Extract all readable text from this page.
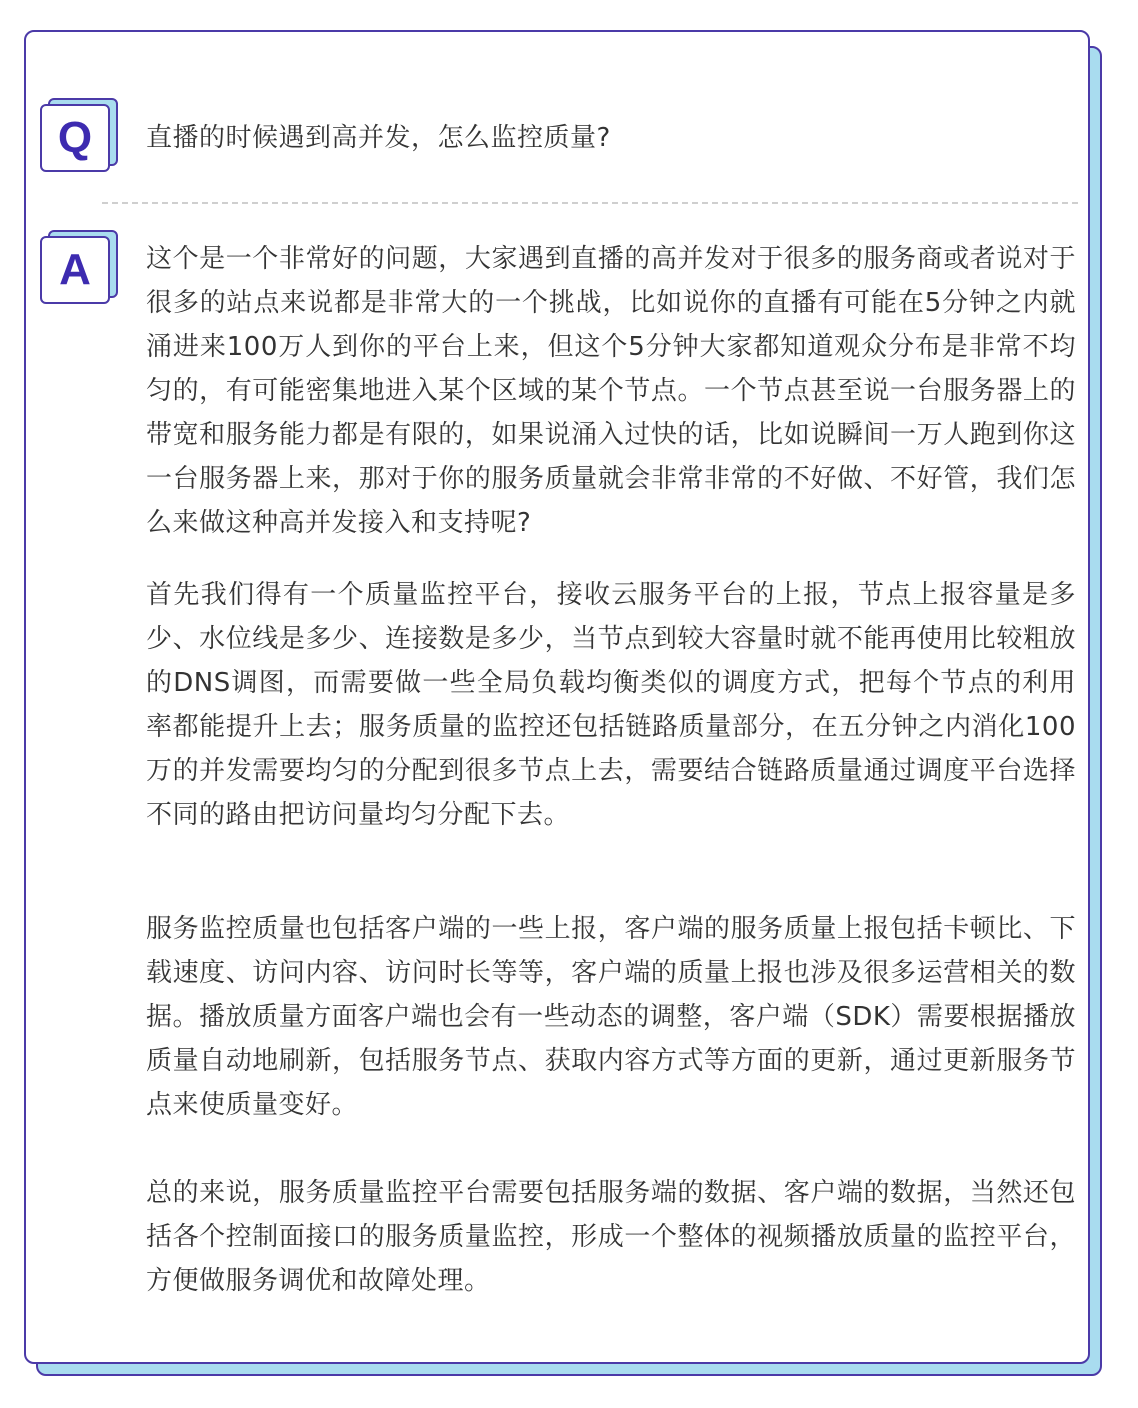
Q	直播的时候遇到高并发，怎么监控质量?
A	这个是一个非常好的问题，大家遇到直播的高并发对于很多的服务商或者说对于很多的站点来说都是非常大的一个挑战，比如说你的直播有可能在5分钟之内就涌进来100万人到你的平台上来，但这个5分钟大家都知道观众分布是非常不均匀的，有可能密集地进入某个区域的某个节点。一个节点甚至说一台服务器上的带宽和服务能力都是有限的，如果说涌入过快的话，比如说瞬间一万人跑到你这一台服务器上来，那对于你的服务质量就会非常非常的不好做、不好管，我们怎么来做这种高并发接入和支持呢?

首先我们得有一个质量监控平台，接收云服务平台的上报，节点上报容量是多少、水位线是多少、连接数是多少，当节点到较大容量时就不能再使用比较粗放的DNS调图，而需要做一些全局负载均衡类似的调度方式，把每个节点的利用率都能提升上去；服务质量的监控还包括链路质量部分，在五分钟之内消化100万的并发需要均匀的分配到很多节点上去，需要结合链路质量通过调度平台选择不同的路由把访问量均匀分配下去。

服务监控质量也包括客户端的一些上报，客户端的服务质量上报包括卡顿比、下载速度、访问内容、访问时长等等，客户端的质量上报也涉及很多运营相关的数据。播放质量方面客户端也会有一些动态的调整，客户端（SDK）需要根据播放质量自动地刷新，包括服务节点、获取内容方式等方面的更新，通过更新服务节点来使质量变好。

总的来说，服务质量监控平台需要包括服务端的数据、客户端的数据，当然还包括各个控制面接口的服务质量监控，形成一个整体的视频播放质量的监控平台，方便做服务调优和故障处理。
